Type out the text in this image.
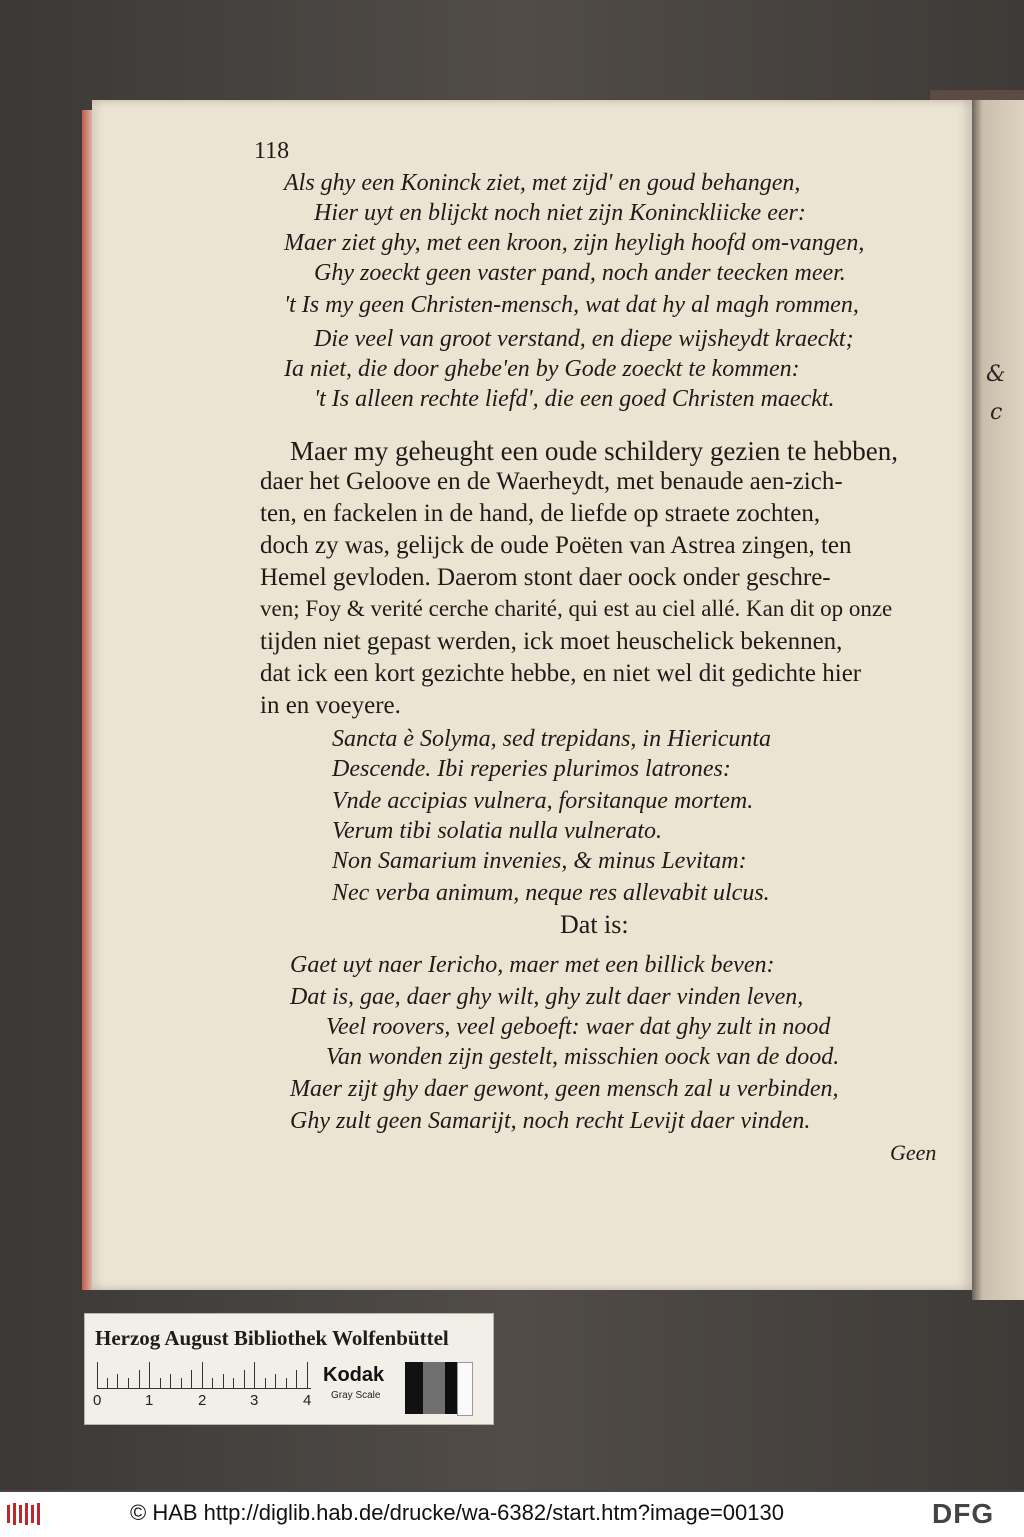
&
c
118
Als ghy een Koninck ziet, met zijd' en goud behangen,
Hier uyt en blijckt noch niet zijn Koninckliicke eer:
Maer ziet ghy, met een kroon, zijn heyligh hoofd om-vangen,
Ghy zoeckt geen vaster pand, noch ander teecken meer.
't Is my geen Christen-mensch, wat dat hy al magh rommen,
Die veel van groot verstand, en diepe wijsheydt kraeckt;
Ia niet, die door ghebe'en by Gode zoeckt te kommen:
't Is alleen rechte liefd', die een goed Christen maeckt.
Maer my geheught een oude schildery gezien te hebben,
daer het Geloove en de Waerheydt, met benaude aen-zich-
ten, en fackelen in de hand, de liefde op straete zochten,
doch zy was, gelijck de oude Poëten van Astrea zingen, ten
Hemel gevloden. Daerom stont daer oock onder geschre-
ven; Foy & verité cerche charité, qui est au ciel allé. Kan dit op onze
tijden niet gepast werden, ick moet heuschelick bekennen,
dat ick een kort gezichte hebbe, en niet wel dit gedichte hier
in en voeyere.
Sancta è Solyma, sed trepidans, in Hiericunta
Descende. Ibi reperies plurimos latrones:
Vnde accipias vulnera, forsitanque mortem.
Verum tibi solatia nulla vulnerato.
Non Samarium invenies, & minus Levitam:
Nec verba animum, neque res allevabit ulcus.
Dat is:
Gaet uyt naer Iericho, maer met een billick beven:
Dat is, gae, daer ghy wilt, ghy zult daer vinden leven,
Veel roovers, veel geboeft: waer dat ghy zult in nood
Van wonden zijn gestelt, misschien oock van de dood.
Maer zijt ghy daer gewont, geen mensch zal u verbinden,
Ghy zult geen Samarijt, noch recht Levijt daer vinden.
Geen
Herzog August Bibliothek Wolfenbüttel
0	1	2	3	4
Kodak
Gray Scale
© HAB http://diglib.hab.de/drucke/wa-6382/start.htm?image=00130	DFG
